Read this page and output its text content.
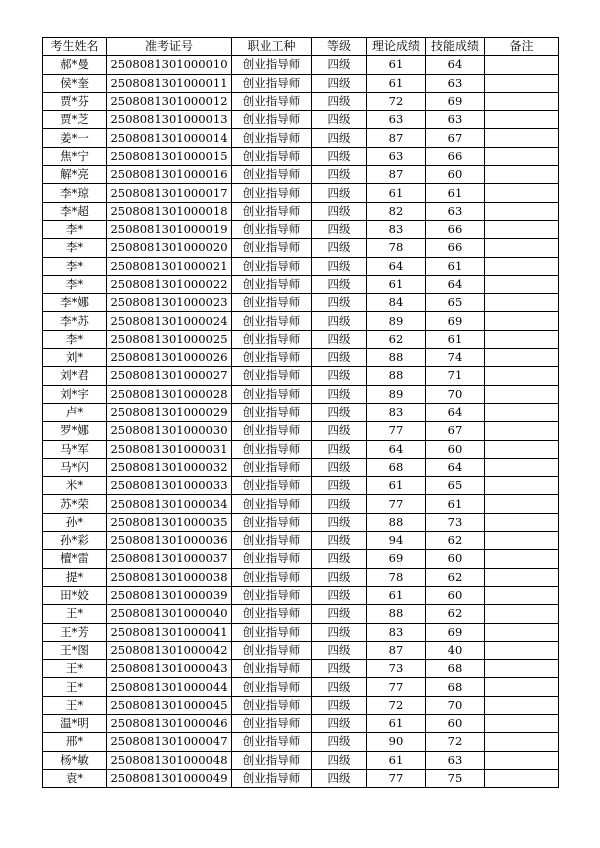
考生姓名	准考证号	职业工种	等级	理论成绩	技能成绩	备注
郝*曼	2508081301000010	创业指导师	四级	61	64	
侯*奎	2508081301000011	创业指导师	四级	61	63	
贾*芬	2508081301000012	创业指导师	四级	72	69	
贾*芝	2508081301000013	创业指导师	四级	63	63	
姜*一	2508081301000014	创业指导师	四级	87	67	
焦*宁	2508081301000015	创业指导师	四级	63	66	
解*亮	2508081301000016	创业指导师	四级	87	60	
李*琼	2508081301000017	创业指导师	四级	61	61	
李*超	2508081301000018	创业指导师	四级	82	63	
李*	2508081301000019	创业指导师	四级	83	66	
李*	2508081301000020	创业指导师	四级	78	66	
李*	2508081301000021	创业指导师	四级	64	61	
李*	2508081301000022	创业指导师	四级	61	64	
李*娜	2508081301000023	创业指导师	四级	84	65	
李*苏	2508081301000024	创业指导师	四级	89	69	
李*	2508081301000025	创业指导师	四级	62	61	
刘*	2508081301000026	创业指导师	四级	88	74	
刘*君	2508081301000027	创业指导师	四级	88	71	
刘*宇	2508081301000028	创业指导师	四级	89	70	
卢*	2508081301000029	创业指导师	四级	83	64	
罗*娜	2508081301000030	创业指导师	四级	77	67	
马*军	2508081301000031	创业指导师	四级	64	60	
马*闪	2508081301000032	创业指导师	四级	68	64	
米*	2508081301000033	创业指导师	四级	61	65	
苏*荣	2508081301000034	创业指导师	四级	77	61	
孙*	2508081301000035	创业指导师	四级	88	73	
孙*彩	2508081301000036	创业指导师	四级	94	62	
檀*雷	2508081301000037	创业指导师	四级	69	60	
提*	2508081301000038	创业指导师	四级	78	62	
田*姣	2508081301000039	创业指导师	四级	61	60	
王*	2508081301000040	创业指导师	四级	88	62	
王*芳	2508081301000041	创业指导师	四级	83	69	
王*图	2508081301000042	创业指导师	四级	87	40	
王*	2508081301000043	创业指导师	四级	73	68	
王*	2508081301000044	创业指导师	四级	77	68	
王*	2508081301000045	创业指导师	四级	72	70	
温*明	2508081301000046	创业指导师	四级	61	60	
邢*	2508081301000047	创业指导师	四级	90	72	
杨*敏	2508081301000048	创业指导师	四级	61	63	
袁*	2508081301000049	创业指导师	四级	77	75	
